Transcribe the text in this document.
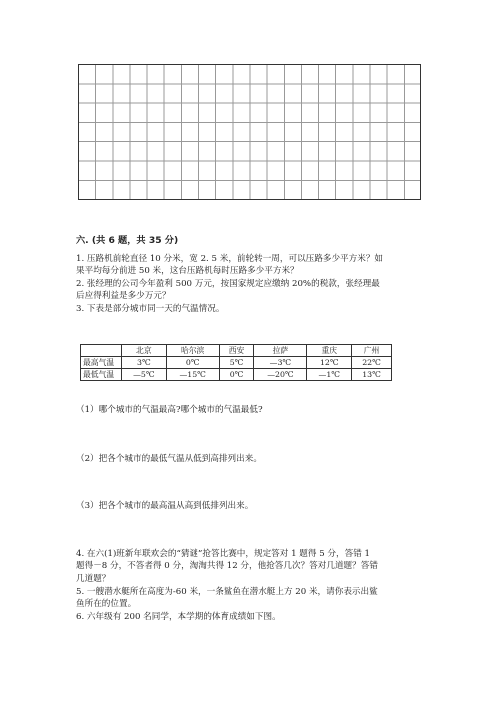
六. (共 6 题，共 35 分)
1. 压路机前轮直径 10 分米，宽 2. 5 米，前轮转一周，可以压路多少平方米？如
果平均每分前进 50 米，这台压路机每时压路多少平方米？
2. 张经理的公司今年盈利 500 万元，按国家规定应缴纳 20%的税款，张经理最
后应得利益是多少万元？
3. 下表是部分城市同一天的气温情况。
	北京	哈尔滨	西安	拉萨	重庆	广州
最高气温	3℃	0℃	5℃	—3℃	12℃	22℃
最低气温	—5℃	—15℃	0℃	—20℃	—1℃	13℃
（1）哪个城市的气温最高?哪个城市的气温最低?
（2）把各个城市的最低气温从低到高排列出来。
（3）把各个城市的最高温从高到低排列出来。
4. 在六(1)班新年联欢会的“猜谜”抢答比赛中，规定答对 1 题得 5 分，答错 1
题得－8 分，不答者得 0 分，淘淘共得 12 分，他抢答几次？答对几道题？答错
几道题？
5. 一艘潜水艇所在高度为-60 米，一条鲨鱼在潜水艇上方 20 米，请你表示出鲨
鱼所在的位置。
6. 六年级有 200 名同学，本学期的体育成绩如下图。
